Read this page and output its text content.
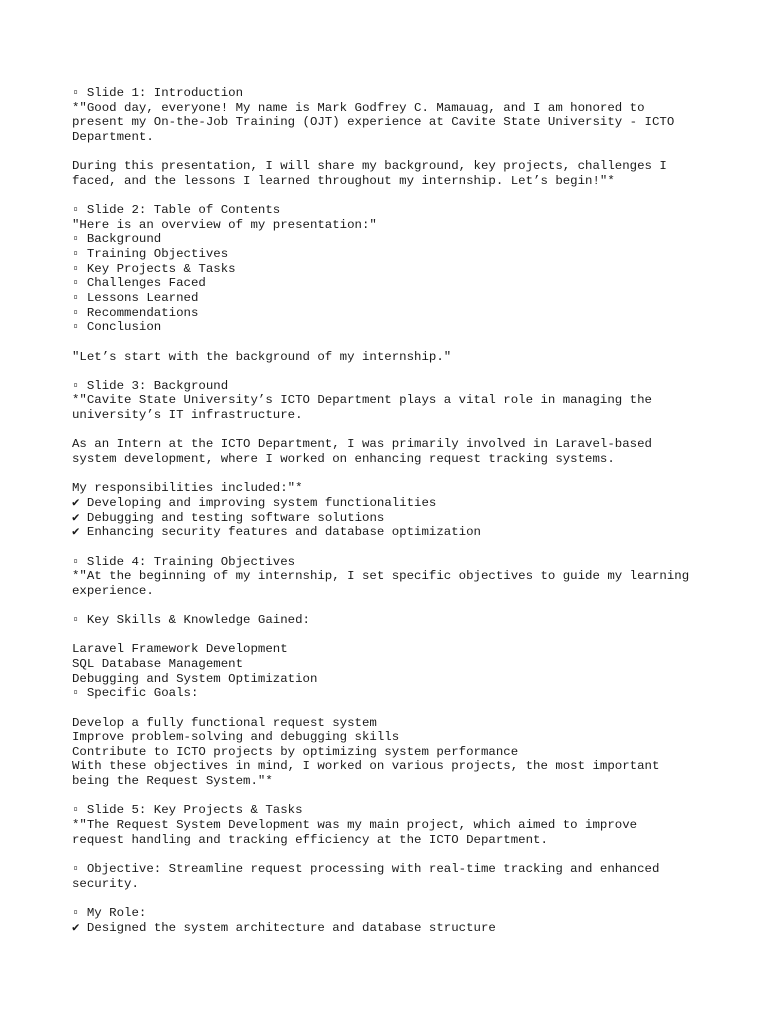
▫ Slide 1: Introduction
*"Good day, everyone! My name is Mark Godfrey C. Mamauag, and I am honored to
present my On-the-Job Training (OJT) experience at Cavite State University - ICTO
Department.
During this presentation, I will share my background, key projects, challenges I
faced, and the lessons I learned throughout my internship. Let’s begin!"*
▫ Slide 2: Table of Contents
"Here is an overview of my presentation:"
▫ Background
▫ Training Objectives
▫ Key Projects & Tasks
▫ Challenges Faced
▫ Lessons Learned
▫ Recommendations
▫ Conclusion
"Let’s start with the background of my internship."
▫ Slide 3: Background
*"Cavite State University’s ICTO Department plays a vital role in managing the
university’s IT infrastructure.
As an Intern at the ICTO Department, I was primarily involved in Laravel-based
system development, where I worked on enhancing request tracking systems.
My responsibilities included:"*
✔ Developing and improving system functionalities
✔ Debugging and testing software solutions
✔ Enhancing security features and database optimization
▫ Slide 4: Training Objectives
*"At the beginning of my internship, I set specific objectives to guide my learning
experience.
▫ Key Skills & Knowledge Gained:
Laravel Framework Development
SQL Database Management
Debugging and System Optimization
▫ Specific Goals:
Develop a fully functional request system
Improve problem-solving and debugging skills
Contribute to ICTO projects by optimizing system performance
With these objectives in mind, I worked on various projects, the most important
being the Request System."*
▫ Slide 5: Key Projects & Tasks
*"The Request System Development was my main project, which aimed to improve
request handling and tracking efficiency at the ICTO Department.
▫ Objective: Streamline request processing with real-time tracking and enhanced
security.
▫ My Role:
✔ Designed the system architecture and database structure
